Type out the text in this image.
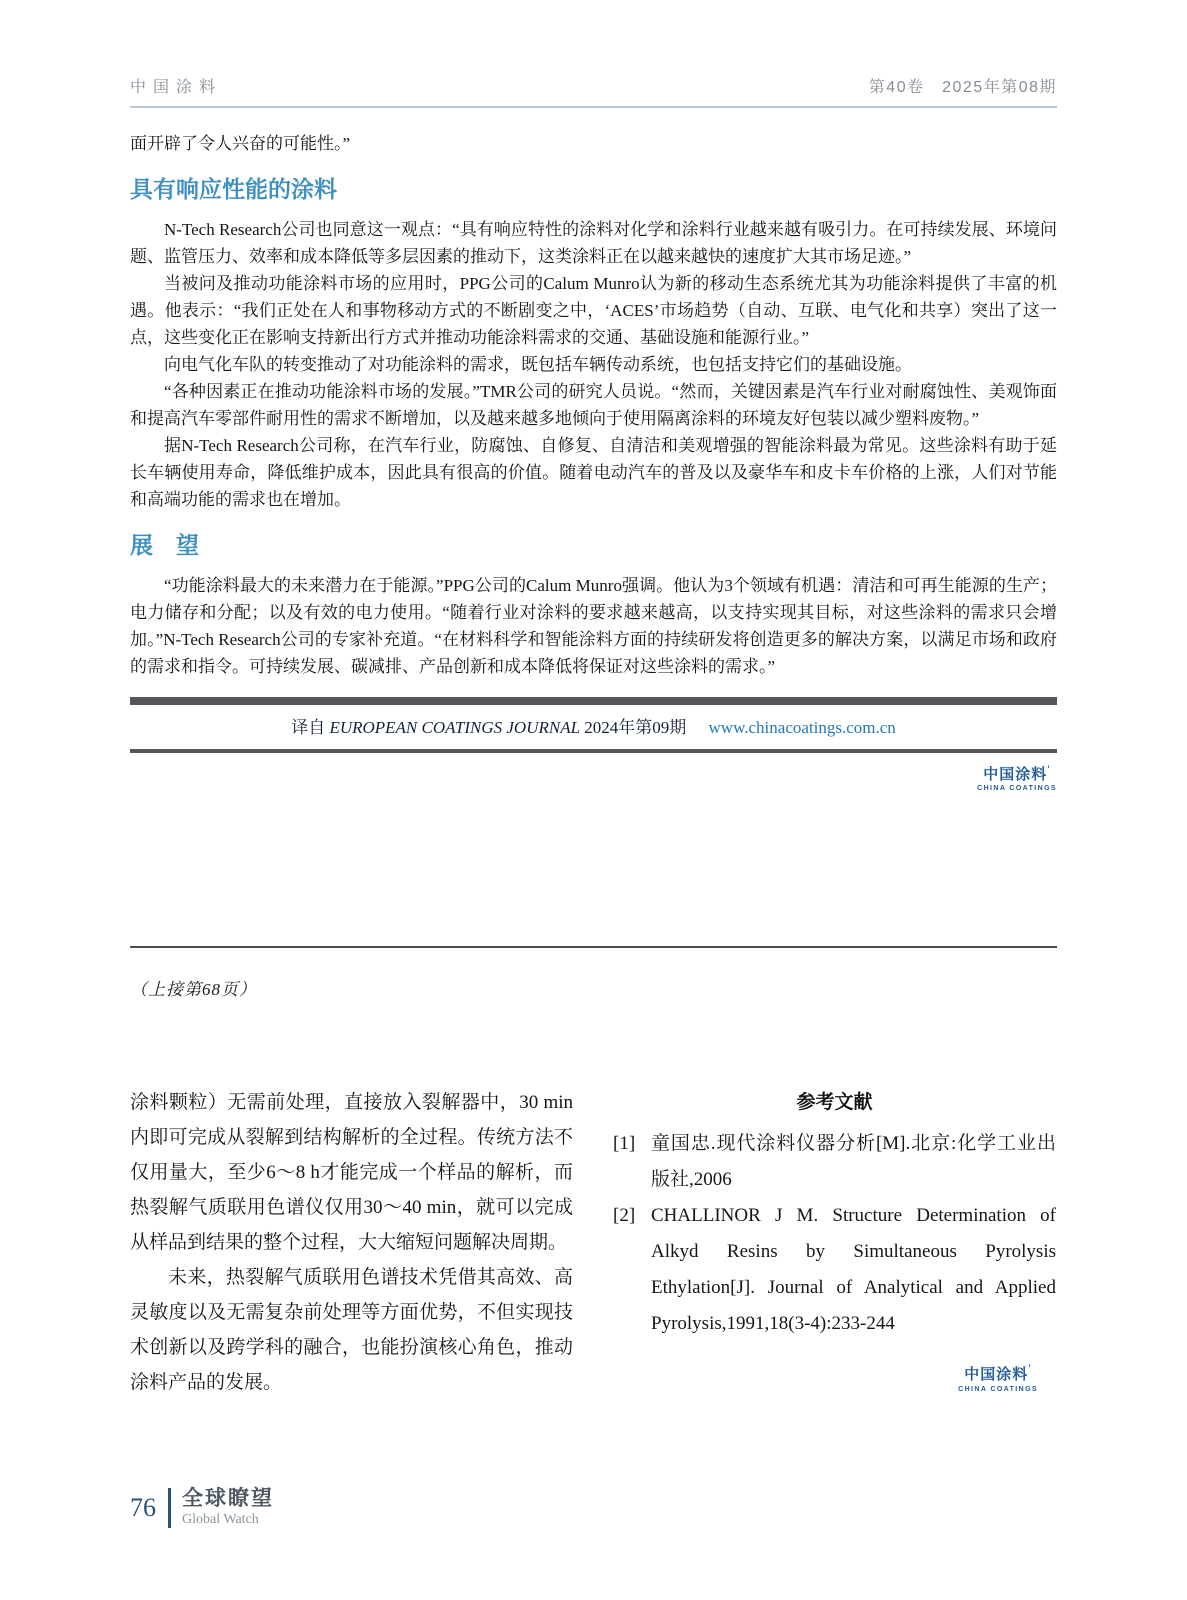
中国涂料	第40卷　2025年第08期

面开辟了令人兴奋的可能性。”

具有响应性能的涂料

N-Tech Research公司也同意这一观点：“具有响应特性的涂料对化学和涂料行业越来越有吸引力。在可持续发展、环境问题、监管压力、效率和成本降低等多层因素的推动下，这类涂料正在以越来越快的速度扩大其市场足迹。”

当被问及推动功能涂料市场的应用时，PPG公司的Calum Munro认为新的移动生态系统尤其为功能涂料提供了丰富的机遇。他表示：“我们正处在人和事物移动方式的不断剧变之中，‘ACES’市场趋势（自动、互联、电气化和共享）突出了这一点，这些变化正在影响支持新出行方式并推动功能涂料需求的交通、基础设施和能源行业。”

向电气化车队的转变推动了对功能涂料的需求，既包括车辆传动系统，也包括支持它们的基础设施。

“各种因素正在推动功能涂料市场的发展。”TMR公司的研究人员说。“然而，关键因素是汽车行业对耐腐蚀性、美观饰面和提高汽车零部件耐用性的需求不断增加，以及越来越多地倾向于使用隔离涂料的环境友好包装以减少塑料废物。”

据N-Tech Research公司称，在汽车行业，防腐蚀、自修复、自清洁和美观增强的智能涂料最为常见。这些涂料有助于延长车辆使用寿命，降低维护成本，因此具有很高的价值。随着电动汽车的普及以及豪华车和皮卡车价格的上涨，人们对节能和高端功能的需求也在增加。

展　望

“功能涂料最大的未来潜力在于能源。”PPG公司的Calum Munro强调。他认为3个领域有机遇：清洁和可再生能源的生产；电力储存和分配；以及有效的电力使用。“随着行业对涂料的要求越来越高，以支持实现其目标，对这些涂料的需求只会增加。”N-Tech Research公司的专家补充道。“在材料科学和智能涂料方面的持续研发将创造更多的解决方案，以满足市场和政府的需求和指令。可持续发展、碳减排、产品创新和成本降低将保证对这些涂料的需求。”

译自 EUROPEAN COATINGS JOURNAL 2024年第09期 www.chinacoatings.com.cn
中国涂料’
CHINA COATINGS
（上接第68页）

涂料颗粒）无需前处理，直接放入裂解器中，30 min内即可完成从裂解到结构解析的全过程。传统方法不仅用量大，至少6～8 h才能完成一个样品的解析，而热裂解气质联用色谱仪仅用30～40 min，就可以完成从样品到结果的整个过程，大大缩短问题解决周期。

未来，热裂解气质联用色谱技术凭借其高效、高灵敏度以及无需复杂前处理等方面优势，不但实现技术创新以及跨学科的融合，也能扮演核心角色，推动涂料产品的发展。

参考文献
[1] 童国忠.现代涂料仪器分析[M].北京:化学工业出版社,2006
[2] CHALLINOR J M. Structure Determination of Alkyd Resins by Simultaneous Pyrolysis Ethylation[J]. Journal of Analytical and Applied Pyrolysis,1991,18(3-4):233-244
中国涂料’
CHINA COATINGS
76 全球瞭望
Global Watch
